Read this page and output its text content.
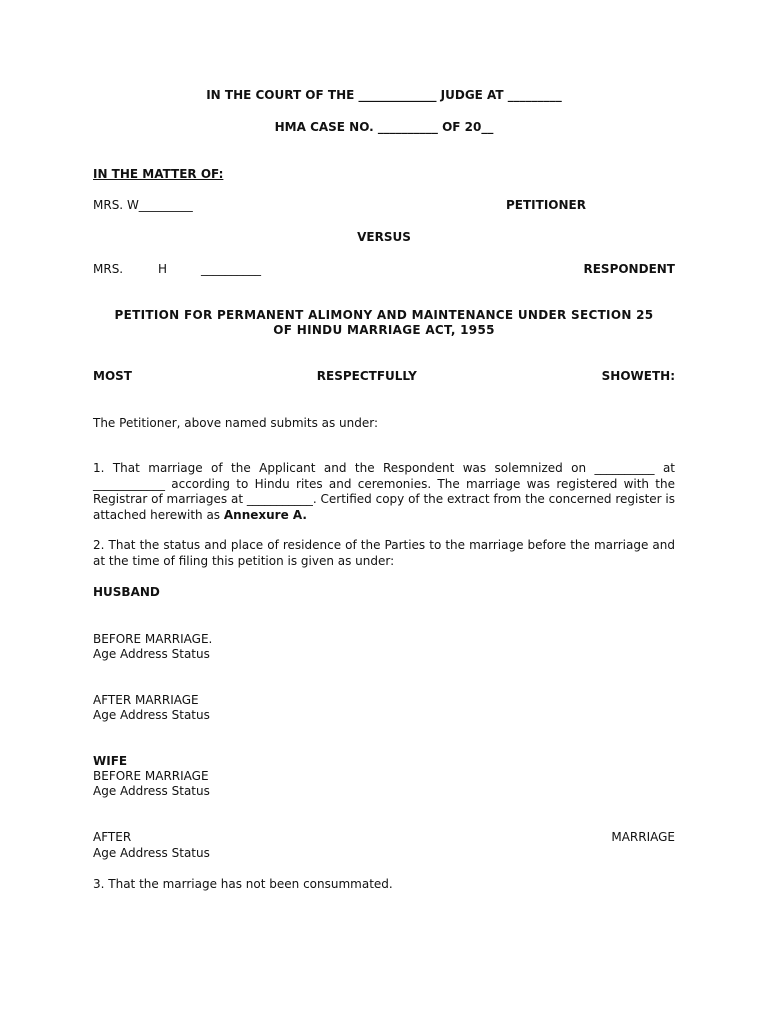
IN THE COURT OF THE _____________ JUDGE AT _________
HMA CASE NO. __________ OF 20__
IN THE MATTER OF:
MRS. W_________	PETITIONER
VERSUS
MRS.	H	__________	RESPONDENT
PETITION FOR PERMANENT ALIMONY AND MAINTENANCE UNDER SECTION 25
OF HINDU MARRIAGE ACT, 1955
MOST	RESPECTFULLY	SHOWETH:
The Petitioner, above named submits as under:
1. That marriage of the Applicant and the Respondent was solemnized on __________ at ____________ according to Hindu rites and ceremonies. The marriage was registered with the Registrar of marriages at ___________. Certified copy of the extract from the concerned register is attached herewith as Annexure A.
2. That the status and place of residence of the Parties to the marriage before the marriage and at the time of filing this petition is given as under:
HUSBAND
BEFORE MARRIAGE.
Age Address Status
AFTER MARRIAGE
Age Address Status
WIFE
BEFORE MARRIAGE
Age Address Status
AFTER	MARRIAGE
Age Address Status
3. That the marriage has not been consummated.
